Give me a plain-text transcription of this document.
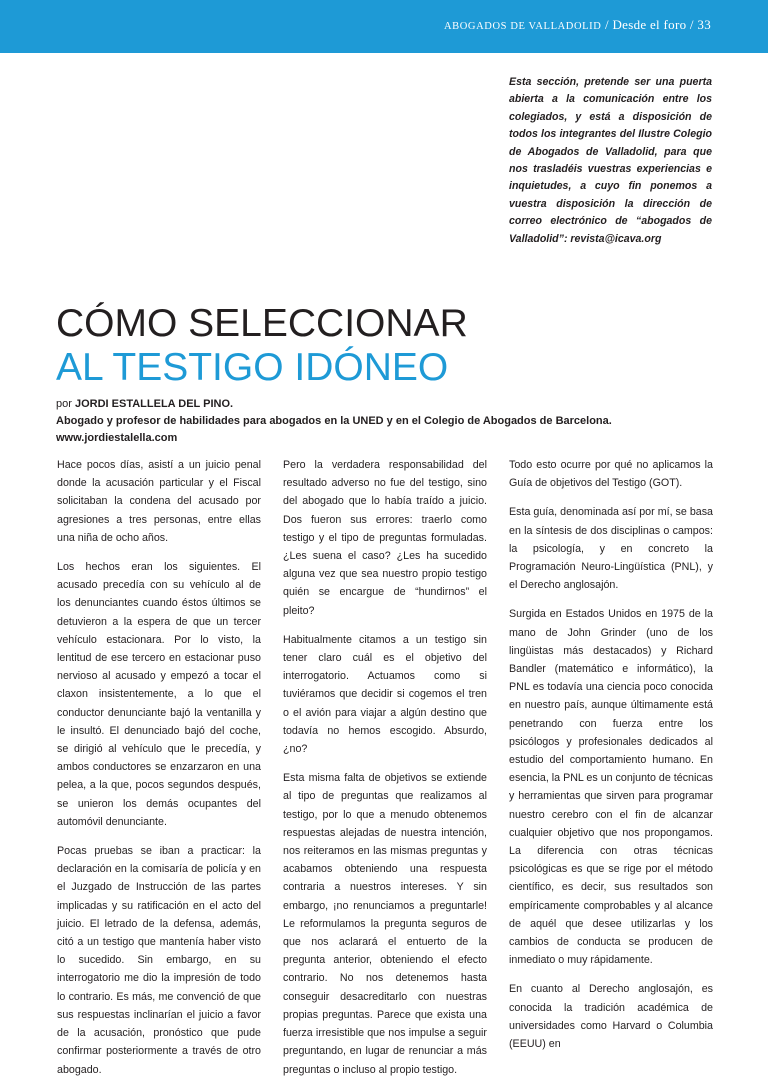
ABOGADOS DE VALLADOLID / Desde el foro / 33
Esta sección, pretende ser una puerta abierta a la comunicación entre los colegiados, y está a disposición de todos los integrantes del Ilustre Colegio de Abogados de Valladolid, para que nos trasladéis vuestras experiencias e inquietudes, a cuyo fin ponemos a vuestra disposición la dirección de correo electrónico de “abogados de Valladolid”: revista@icava.org
CÓMO SELECCIONAR
AL TESTIGO IDÓNEO
por JORDI ESTALLELA DEL PINO.
Abogado y profesor de habilidades para abogados en la UNED y en el Colegio de Abogados de Barcelona.
www.jordiestalella.com

Hace pocos días, asistí a un juicio penal donde la acusación particular y el Fiscal solicitaban la condena del acusado por agresiones a tres personas, entre ellas una niña de ocho años.

Los hechos eran los siguientes. El acusado precedía con su vehículo al de los denunciantes cuando éstos últimos se detuvieron a la espera de que un tercer vehículo estacionara. Por lo visto, la lentitud de ese tercero en estacionar puso nervioso al acusado y empezó a tocar el claxon insistentemente, a lo que el conductor denunciante bajó la ventanilla y le insultó. El denunciado bajó del coche, se dirigió al vehículo que le precedía, y ambos conductores se enzarzaron en una pelea, a la que, pocos segundos después, se unieron los demás ocupantes del automóvil denunciante.

Pocas pruebas se iban a practicar: la declaración en la comisaría de policía y en el Juzgado de Instrucción de las partes implicadas y su ratificación en el acto del juicio. El letrado de la defensa, además, citó a un testigo que mantenía haber visto lo sucedido. Sin embargo, en su interrogatorio me dio la impresión de todo lo contrario. Es más, me convenció de que sus respuestas inclinarían el juicio a favor de la acusación, pronóstico que pude confirmar posteriormente a través de otro abogado.

Pero la verdadera responsabilidad del resultado adverso no fue del testigo, sino del abogado que lo había traído a juicio. Dos fueron sus errores: traerlo como testigo y el tipo de preguntas formuladas. ¿Les suena el caso? ¿Les ha sucedido alguna vez que sea nuestro propio testigo quién se encargue de “hundirnos” el pleito?

Habitualmente citamos a un testigo sin tener claro cuál es el objetivo del interrogatorio. Actuamos como si tuviéramos que decidir si cogemos el tren o el avión para viajar a algún destino que todavía no hemos escogido. Absurdo, ¿no?

Esta misma falta de objetivos se extiende al tipo de preguntas que realizamos al testigo, por lo que a menudo obtenemos respuestas alejadas de nuestra intención, nos reiteramos en las mismas preguntas y acabamos obteniendo una respuesta contraria a nuestros intereses. Y sin embargo, ¡no renunciamos a preguntarle! Le reformulamos la pregunta seguros de que nos aclarará el entuerto de la pregunta anterior, obteniendo el efecto contrario. No nos detenemos hasta conseguir desacreditarlo con nuestras propias preguntas. Parece que exista una fuerza irresistible que nos impulse a seguir preguntando, en lugar de renunciar a más preguntas o incluso al propio testigo.

Todo esto ocurre por qué no aplicamos la Guía de objetivos del Testigo (GOT).

Esta guía, denominada así por mí, se basa en la síntesis de dos disciplinas o campos: la psicología, y en concreto la Programación Neuro-Lingüística (PNL), y el Derecho anglosajón.

Surgida en Estados Unidos en 1975 de la mano de John Grinder (uno de los lingüistas más destacados) y Richard Bandler (matemático e informático), la PNL es todavía una ciencia poco conocida en nuestro país, aunque últimamente está penetrando con fuerza entre los psicólogos y profesionales dedicados al estudio del comportamiento humano. En esencia, la PNL es un conjunto de técnicas y herramientas que sirven para programar nuestro cerebro con el fin de alcanzar cualquier objetivo que nos propongamos. La diferencia con otras técnicas psicológicas es que se rige por el método científico, es decir, sus resultados son empíricamente comprobables y al alcance de aquél que desee utilizarlas y los cambios de conducta se producen de inmediato o muy rápidamente.

En cuanto al Derecho anglosajón, es conocida la tradición académica de universidades como Harvard o Columbia (EEUU) en
